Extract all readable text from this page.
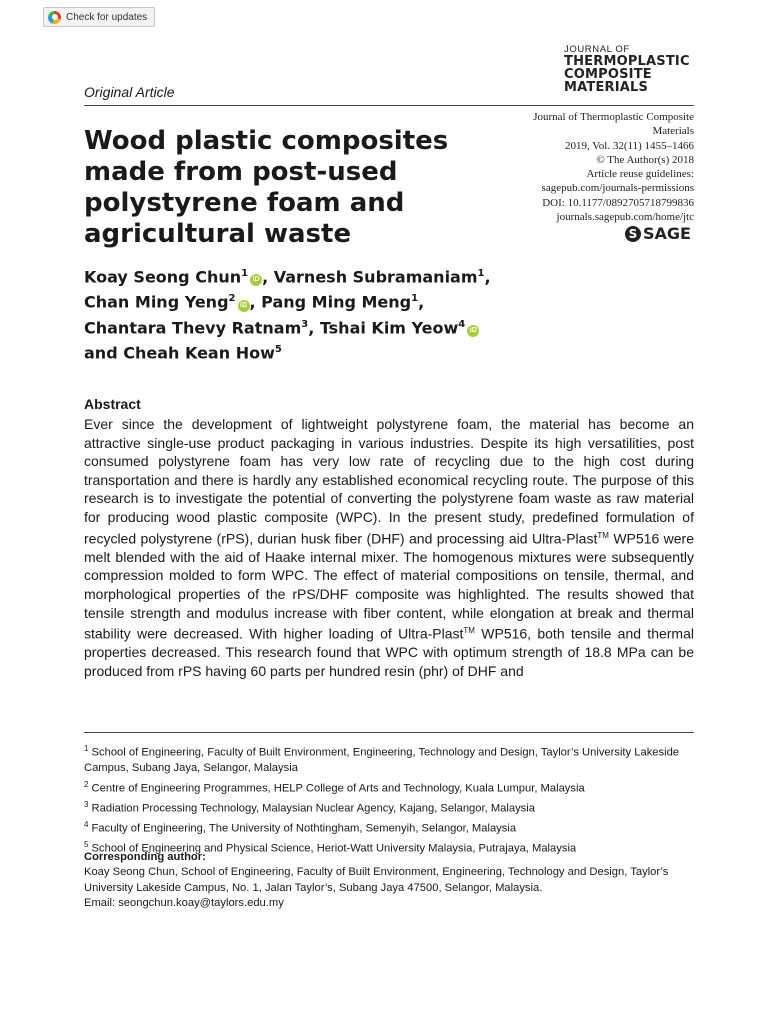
Check for updates
JOURNAL OF
THERMOPLASTIC
COMPOSITE
MATERIALS
Original Article
Wood plastic composites made from post-used polystyrene foam and agricultural waste
Journal of Thermoplastic Composite
Materials
2019, Vol. 32(11) 1455–1466
© The Author(s) 2018
Article reuse guidelines:
sagepub.com/journals-permissions
DOI: 10.1177/0892705718799836
journals.sagepub.com/home/jtc
S SAGE
Koay Seong Chun$^1$iD , Varnesh Subramaniam$^1$,
Chan Ming Yeng$^2$iD , Pang Ming Meng$^1$,
Chantara Thevy Ratnam$^3$, Tshai Kim Yeow$^4$iD
and Cheah Kean How$^5$
Abstract

Ever since the development of lightweight polystyrene foam, the material has become an attractive single-use product packaging in various industries. Despite its high versatilities, post consumed polystyrene foam has very low rate of recycling due to the high cost during transportation and there is hardly any established economical recycling route. The purpose of this research is to investigate the potential of converting the polystyrene foam waste as raw material for producing wood plastic composite (WPC). In the present study, predefined formulation of recycled polystyrene (rPS), durian husk fiber (DHF) and processing aid Ultra-Plast™ WP516 were melt blended with the aid of Haake internal mixer. The homogenous mixtures were subsequently compression molded to form WPC. The effect of material compositions on tensile, thermal, and morphological properties of the rPS/DHF composite was highlighted. The results showed that tensile strength and modulus increase with fiber content, while elongation at break and thermal stability were decreased. With higher loading of Ultra-Plast™ WP516, both tensile and thermal properties decreased. This research found that WPC with optimum strength of 18.8 MPa can be produced from rPS having 60 parts per hundred resin (phr) of DHF and

$^1$ School of Engineering, Faculty of Built Environment, Engineering, Technology and Design, Taylor’s University Lakeside Campus, Subang Jaya, Selangor, Malaysia
$^2$ Centre of Engineering Programmes, HELP College of Arts and Technology, Kuala Lumpur, Malaysia
$^3$ Radiation Processing Technology, Malaysian Nuclear Agency, Kajang, Selangor, Malaysia
$^4$ Faculty of Engineering, The University of Nothtingham, Semenyih, Selangor, Malaysia
$^5$ School of Engineering and Physical Science, Heriot-Watt University Malaysia, Putrajaya, Malaysia
Corresponding author:
Koay Seong Chun, School of Engineering, Faculty of Built Environment, Engineering, Technology and Design, Taylor’s University Lakeside Campus, No. 1, Jalan Taylor’s, Subang Jaya 47500, Selangor, Malaysia.
Email: seongchun.koay@taylors.edu.my
